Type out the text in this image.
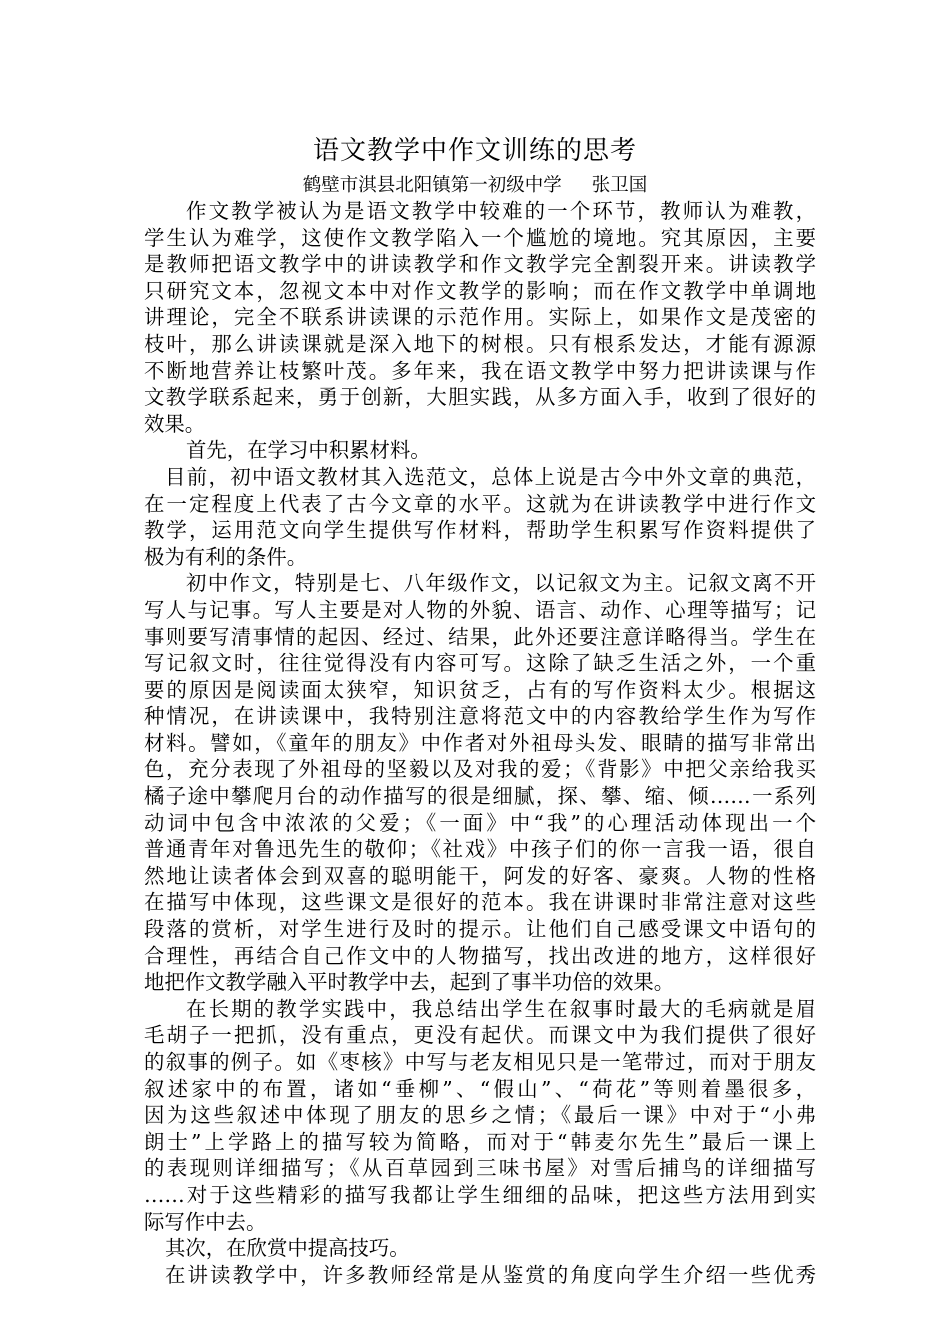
语文教学中作文训练的思考
鹤壁市淇县北阳镇第一初级中学 张卫国
作文教学被认为是语文教学中较难的一个环节，教师认为难教，
学生认为难学，这使作文教学陷入一个尴尬的境地。究其原因，主要
是教师把语文教学中的讲读教学和作文教学完全割裂开来。讲读教学
只研究文本，忽视文本中对作文教学的影响；而在作文教学中单调地
讲理论，完全不联系讲读课的示范作用。实际上，如果作文是茂密的
枝叶，那么讲读课就是深入地下的树根。只有根系发达，才能有源源
不断地营养让枝繁叶茂。多年来，我在语文教学中努力把讲读课与作
文教学联系起来，勇于创新，大胆实践，从多方面入手，收到了很好的
效果。
首先，在学习中积累材料。
目前，初中语文教材其入选范文，总体上说是古今中外文章的典范，
在一定程度上代表了古今文章的水平。这就为在讲读教学中进行作文
教学，运用范文向学生提供写作材料，帮助学生积累写作资料提供了
极为有利的条件。
初中作文，特别是七、八年级作文，以记叙文为主。记叙文离不开
写人与记事。写人主要是对人物的外貌、语言、动作、心理等描写；记
事则要写清事情的起因、经过、结果，此外还要注意详略得当。学生在
写记叙文时，往往觉得没有内容可写。这除了缺乏生活之外，一个重
要的原因是阅读面太狭窄，知识贫乏，占有的写作资料太少。根据这
种情况，在讲读课中，我特别注意将范文中的内容教给学生作为写作
材料。譬如，《童年的朋友》中作者对外祖母头发、眼睛的描写非常出
色，充分表现了外祖母的坚毅以及对我的爱；《背影》中把父亲给我买
橘子途中攀爬月台的动作描写的很是细腻，探、攀、缩、倾……一系列
动词中包含中浓浓的父爱；《一面》中“我”的心理活动体现出一个
普通青年对鲁迅先生的敬仰；《社戏》中孩子们的你一言我一语，很自
然地让读者体会到双喜的聪明能干，阿发的好客、豪爽。人物的性格
在描写中体现，这些课文是很好的范本。我在讲课时非常注意对这些
段落的赏析，对学生进行及时的提示。让他们自己感受课文中语句的
合理性，再结合自己作文中的人物描写，找出改进的地方，这样很好
地把作文教学融入平时教学中去，起到了事半功倍的效果。
在长期的教学实践中，我总结出学生在叙事时最大的毛病就是眉
毛胡子一把抓，没有重点，更没有起伏。而课文中为我们提供了很好
的叙事的例子。如《枣核》中写与老友相见只是一笔带过，而对于朋友
叙述家中的布置，诸如“垂柳”、“假山”、“荷花”等则着墨很多，
因为这些叙述中体现了朋友的思乡之情；《最后一课》中对于“小弗
朗士”上学路上的描写较为简略，而对于“韩麦尔先生”最后一课上
的表现则详细描写；《从百草园到三味书屋》对雪后捕鸟的详细描写
……对于这些精彩的描写我都让学生细细的品味，把这些方法用到实
际写作中去。
其次，在欣赏中提高技巧。
在讲读教学中，许多教师经常是从鉴赏的角度向学生介绍一些优秀
